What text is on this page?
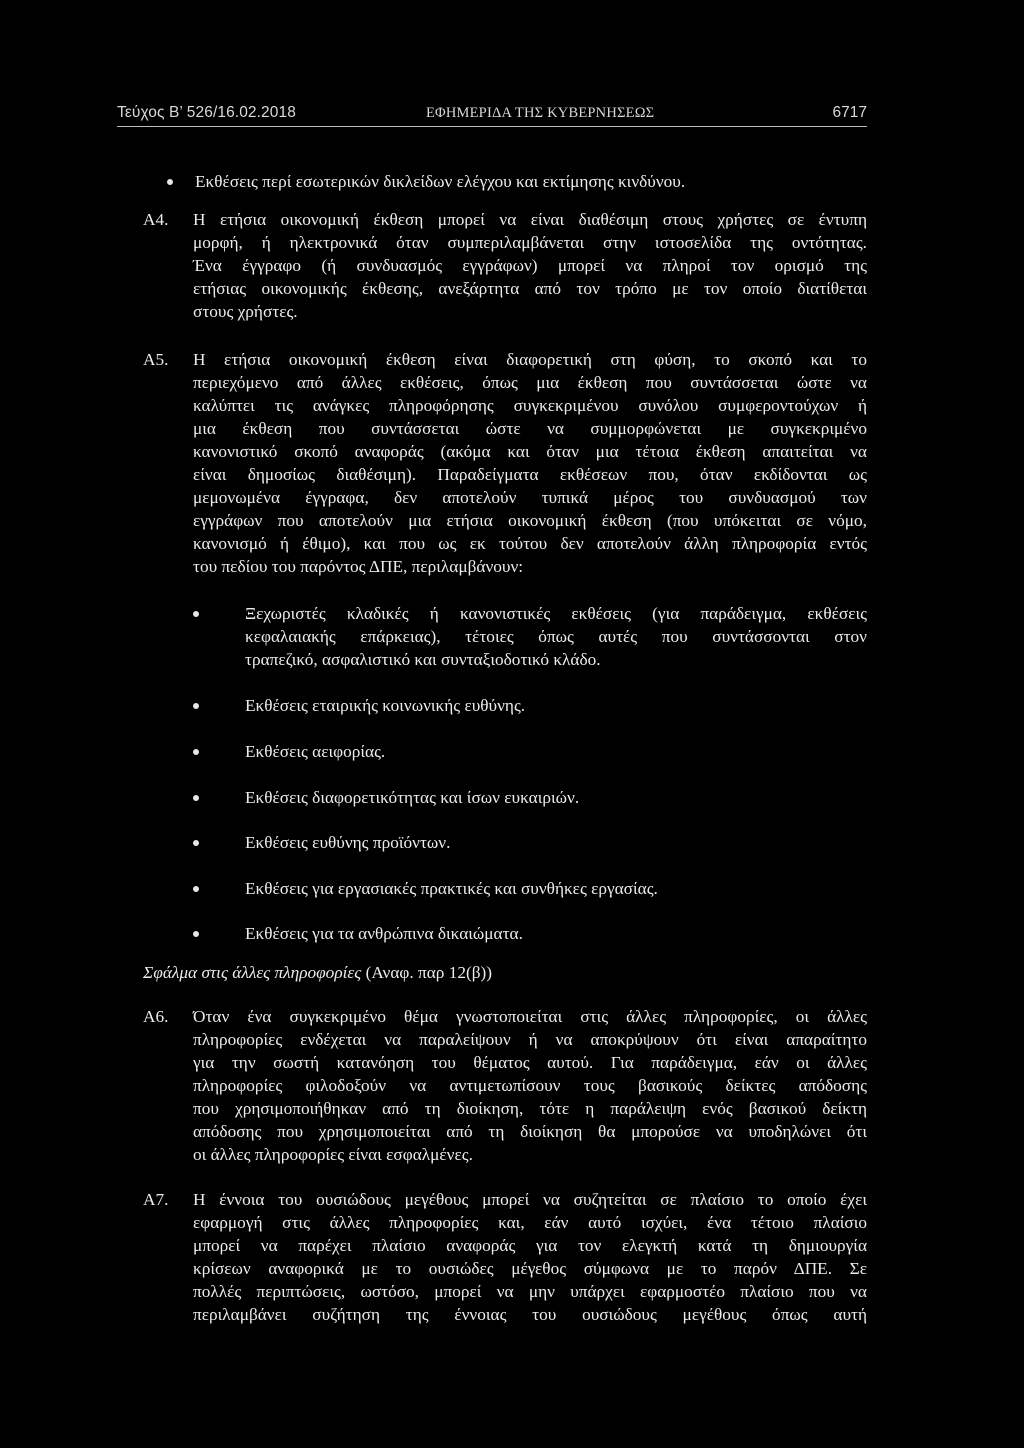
Τεύχος Β’ 526/16.02.2018	ΕΦΗΜΕΡΙΔΑ ΤΗΣ ΚΥΒΕΡΝΗΣΕΩΣ	6717
Εκθέσεις περί εσωτερικών δικλείδων ελέγχου και εκτίμησης κινδύνου.
A4. Η ετήσια οικονομική έκθεση μπορεί να είναι διαθέσιμη στους χρήστες σε έντυπη
μορφή, ή ηλεκτρονικά όταν συμπεριλαμβάνεται στην ιστοσελίδα της οντότητας.
Ένα έγγραφο (ή συνδυασμός εγγράφων) μπορεί να πληροί τον ορισμό της
ετήσιας οικονομικής έκθεσης, ανεξάρτητα από τον τρόπο με τον οποίο διατίθεται
στους χρήστες.
A5. Η ετήσια οικονομική έκθεση είναι διαφορετική στη φύση, το σκοπό και το
περιεχόμενο από άλλες εκθέσεις, όπως μια έκθεση που συντάσσεται ώστε να
καλύπτει τις ανάγκες πληροφόρησης συγκεκριμένου συνόλου συμφεροντούχων ή
μια έκθεση που συντάσσεται ώστε να συμμορφώνεται με συγκεκριμένο
κανονιστικό σκοπό αναφοράς (ακόμα και όταν μια τέτοια έκθεση απαιτείται να
είναι δημοσίως διαθέσιμη). Παραδείγματα εκθέσεων που, όταν εκδίδονται ως
μεμονωμένα έγγραφα, δεν αποτελούν τυπικά μέρος του συνδυασμού των
εγγράφων που αποτελούν μια ετήσια οικονομική έκθεση (που υπόκειται σε νόμο,
κανονισμό ή έθιμο), και που ως εκ τούτου δεν αποτελούν άλλη πληροφορία εντός
του πεδίου του παρόντος ΔΠΕ, περιλαμβάνουν:
Ξεχωριστές κλαδικές ή κανονιστικές εκθέσεις (για παράδειγμα, εκθέσεις
κεφαλαιακής επάρκειας), τέτοιες όπως αυτές που συντάσσονται στον
τραπεζικό, ασφαλιστικό και συνταξιοδοτικό κλάδο.
Εκθέσεις εταιρικής κοινωνικής ευθύνης.
Εκθέσεις αειφορίας.
Εκθέσεις διαφορετικότητας και ίσων ευκαιριών.
Εκθέσεις ευθύνης προϊόντων.
Εκθέσεις για εργασιακές πρακτικές και συνθήκες εργασίας.
Εκθέσεις για τα ανθρώπινα δικαιώματα.
Σφάλμα στις άλλες πληροφορίες (Αναφ. παρ 12(β))
A6. Όταν ένα συγκεκριμένο θέμα γνωστοποιείται στις άλλες πληροφορίες, οι άλλες
πληροφορίες ενδέχεται να παραλείψουν ή να αποκρύψουν ότι είναι απαραίτητο
για την σωστή κατανόηση του θέματος αυτού. Για παράδειγμα, εάν οι άλλες
πληροφορίες φιλοδοξούν να αντιμετωπίσουν τους βασικούς δείκτες απόδοσης
που χρησιμοποιήθηκαν από τη διοίκηση, τότε η παράλειψη ενός βασικού δείκτη
απόδοσης που χρησιμοποιείται από τη διοίκηση θα μπορούσε να υποδηλώνει ότι
οι άλλες πληροφορίες είναι εσφαλμένες.
A7. Η έννοια του ουσιώδους μεγέθους μπορεί να συζητείται σε πλαίσιο το οποίο έχει
εφαρμογή στις άλλες πληροφορίες και, εάν αυτό ισχύει, ένα τέτοιο πλαίσιο
μπορεί να παρέχει πλαίσιο αναφοράς για τον ελεγκτή κατά τη δημιουργία
κρίσεων αναφορικά με το ουσιώδες μέγεθος σύμφωνα με το παρόν ΔΠΕ. Σε
πολλές περιπτώσεις, ωστόσο, μπορεί να μην υπάρχει εφαρμοστέο πλαίσιο που να
περιλαμβάνει συζήτηση της έννοιας του ουσιώδους μεγέθους όπως αυτή
